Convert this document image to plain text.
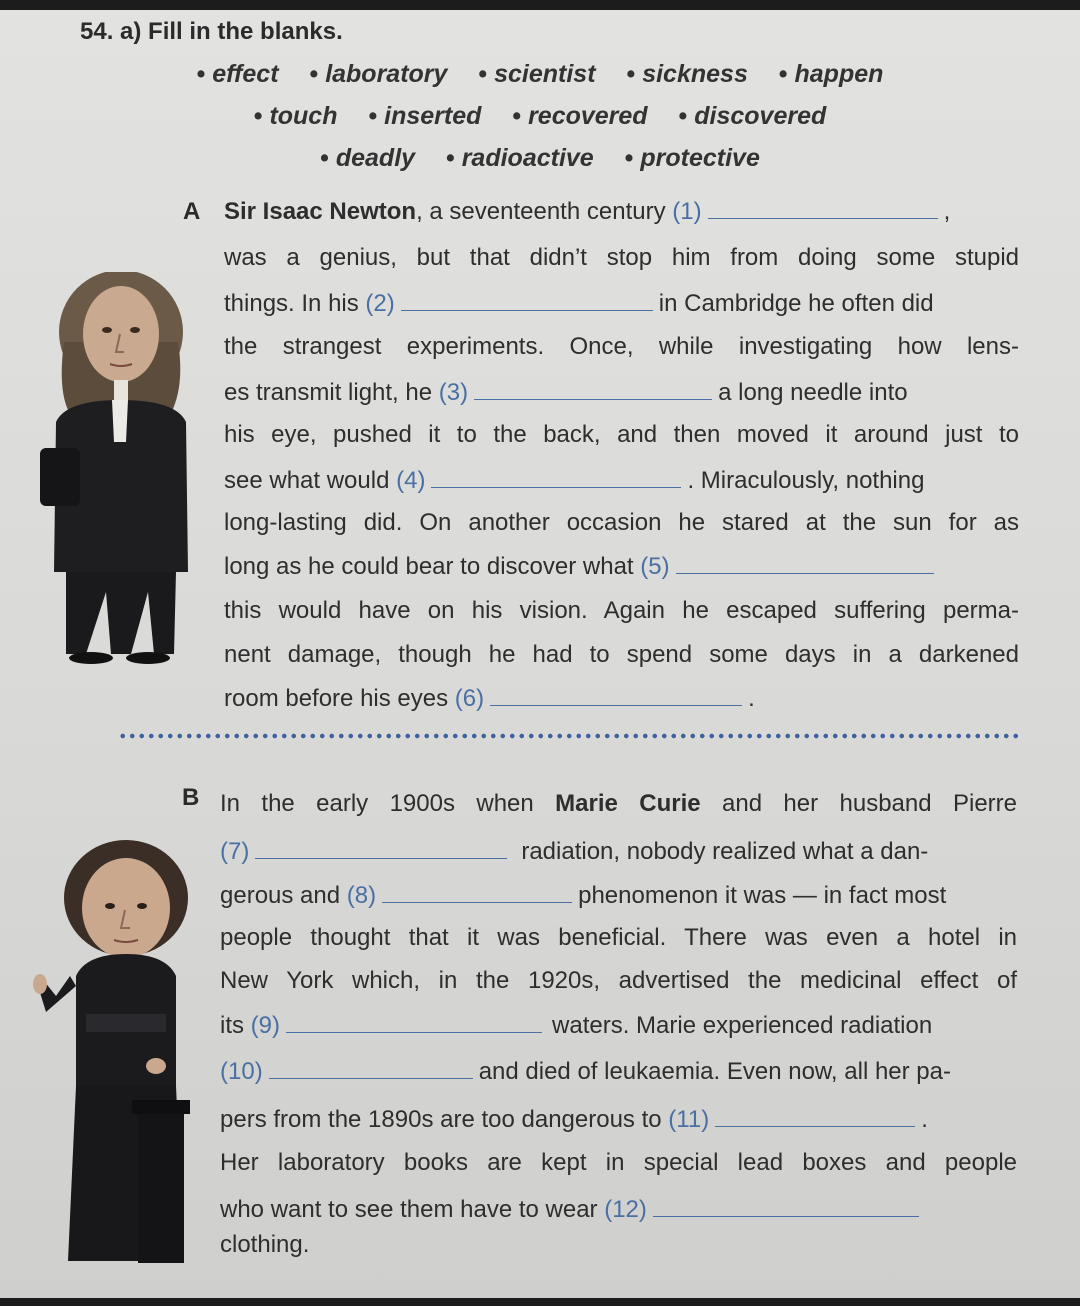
54. a) Fill in the blanks.
• effect • laboratory • scientist • sickness • happen
• touch • inserted • recovered • discovered
• deadly • radioactive • protective
A Sir Isaac Newton, a seventeenth century (1)	,
was a genius, but that didn’t stop him from doing some stupid
things. In his (2)	in Cambridge he often did
the strangest experiments. Once, while investigating how lens-
es transmit light, he (3)	a long needle into
his eye, pushed it to the back, and then moved it around just to
see what would (4)	. Miraculously, nothing
long-lasting did. On another occasion he stared at the sun for as
long as he could bear to discover what (5)
this would have on his vision. Again he escaped suffering perma-
nent damage, though he had to spend some days in a darkened
room before his eyes (6)	.
B In the early 1900s when Marie Curie and her husband Pierre
(7)	radiation, nobody realized what a dan-
gerous and (8)	phenomenon it was — in fact most
people thought that it was beneficial. There was even a hotel in
New York which, in the 1920s, advertised the medicinal effect of
its (9)	waters. Marie experienced radiation
(10)	and died of leukaemia. Even now, all her pa-
pers from the 1890s are too dangerous to (11)	.
Her laboratory books are kept in special lead boxes and people
who want to see them have to wear (12)
clothing.
